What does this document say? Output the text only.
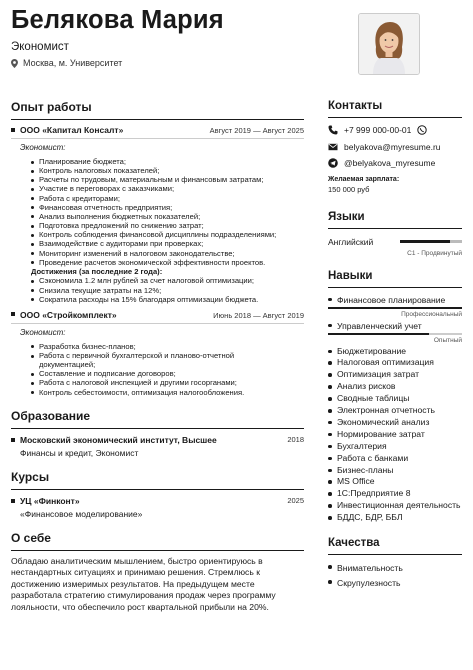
Белякова Мария
Экономист
Москва, м. Университет
Опыт работы
ООО «Капитал Консалт»	Август 2019 — Август 2025
Экономист:
Планирование бюджета;
Контроль налоговых показателей;
Расчеты по трудовым, материальным и финансовым затратам;
Участие в переговорах с заказчиками;
Работа с кредиторами;
Финансовая отчетность предприятия;
Анализ выполнения бюджетных показателей;
Подготовка предложений по снижению затрат;
Контроль соблюдения финансовой дисциплины подразделениями;
Взаимодействие с аудиторами при проверках;
Мониторинг изменений в налоговом законодательстве;
Проведение расчетов экономической эффективности проектов.
Достижения (за последние 2 года):
Сэкономила 1.2 млн рублей за счет налоговой оптимизации;
Снизила текущие затраты на 12%;
Сократила расходы на 15% благодаря оптимизации бюджета.
ООО «Стройкомплект»	Июнь 2018 — Август 2019
Экономист:
Разработка бизнес-планов;
Работа с первичной бухгалтерской и планово-отчетной документацией;
Составление и подписание договоров;
Работа с налоговой инспекцией и другими госорганами;
Контроль себестоимости, оптимизация налогообложения.
Образование
Московский экономический институт, Высшее	2018
Финансы и кредит, Экономист
Курсы
УЦ «Финконт»	2025
«Финансовое моделирование»
О себе
Обладаю аналитическим мышлением, быстро ориентируюсь в нестандартных ситуациях и принимаю решения. Стремлюсь к достижению измеримых результатов. На предыдущем месте разработала стратегию стимулирования продаж через программу лояльности, что обеспечило рост квартальной прибыли на 20%.
Контакты
+7 999 000-00-01
belyakova@myresume.ru
@belyakova_myresume
Желаемая зарплата:
150 000 руб
Языки
Английский
C1 - Продвинутый
Навыки
Финансовое планирование
Профессиональный
Управленческий учет
Опытный
Бюджетирование
Налоговая оптимизация
Оптимизация затрат
Анализ рисков
Сводные таблицы
Электронная отчетность
Экономический анализ
Нормирование затрат
Бухгалтерия
Работа с банками
Бизнес-планы
MS Office
1С:Предприятие 8
Инвестиционная деятельность
БДДС, БДР, ББЛ
Качества
Внимательность
Скрупулезность
